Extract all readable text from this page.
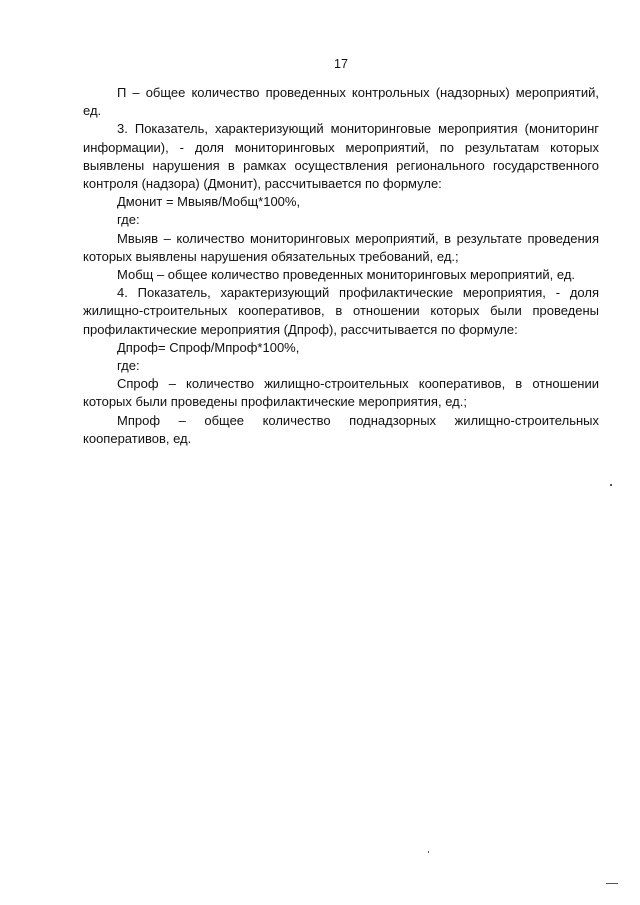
17

П – общее количество проведенных контрольных (надзорных) мероприятий, ед.

3. Показатель, характеризующий мониторинговые мероприятия (мониторинг информации), - доля мониторинговых мероприятий, по результатам которых выявлены нарушения в рамках осуществления регионального государственного контроля (надзора) (Дмонит), рассчитывается по формуле:

Дмонит = Мвыяв/Мобщ*100%,

где:

Мвыяв – количество мониторинговых мероприятий, в результате проведения которых выявлены нарушения обязательных требований, ед.;

Мобщ – общее количество проведенных мониторинговых мероприятий, ед.

4. Показатель, характеризующий профилактические мероприятия, - доля жилищно-строительных кооперативов, в отношении которых были проведены профилактические мероприятия (Дпроф), рассчитывается по формуле:

Дпроф= Спроф/Мпроф*100%,

где:

Спроф – количество жилищно-строительных кооперативов, в отношении которых были проведены профилактические мероприятия, ед.;

Мпроф – общее количество поднадзорных жилищно-строительных кооперативов, ед.
